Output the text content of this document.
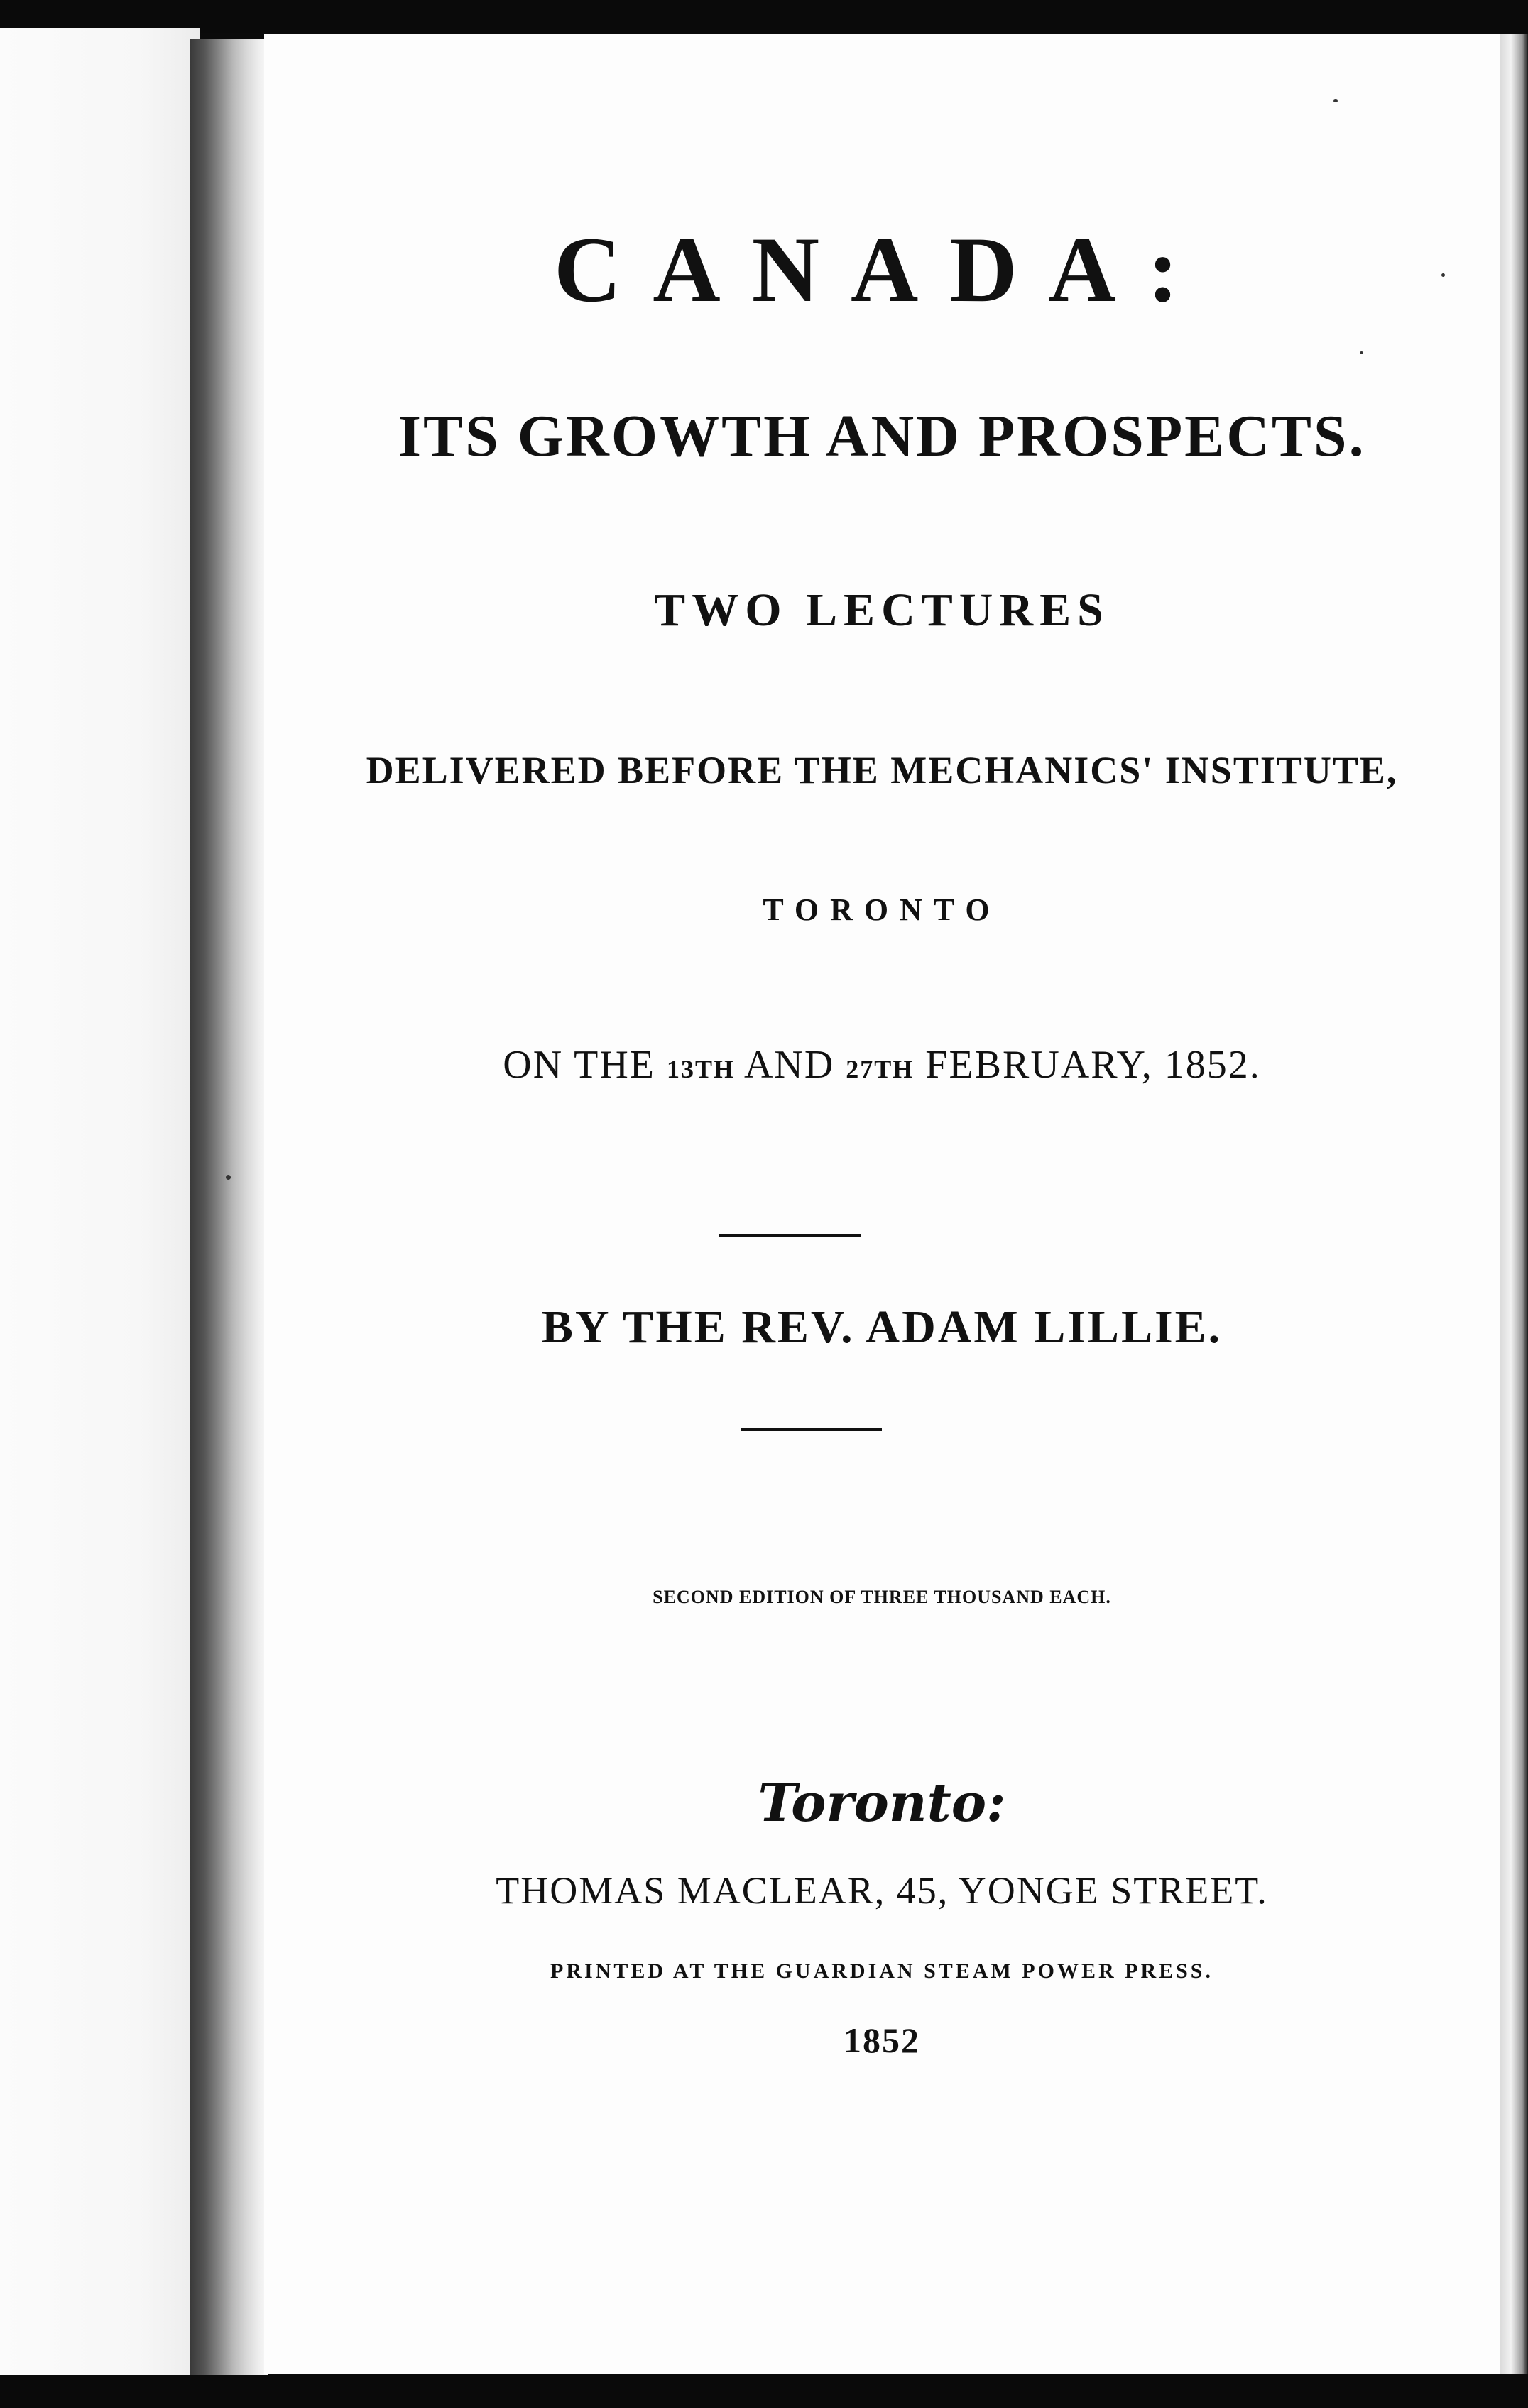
CANADA:
ITS GROWTH AND PROSPECTS.
TWO LECTURES
DELIVERED BEFORE THE MECHANICS' INSTITUTE,
TORONTO
ON THE 13TH AND 27TH FEBRUARY, 1852.
BY THE REV. ADAM LILLIE.
SECOND EDITION OF THREE THOUSAND EACH.
Toronto:
THOMAS MACLEAR, 45, YONGE STREET.
PRINTED AT THE GUARDIAN STEAM POWER PRESS.
1852
